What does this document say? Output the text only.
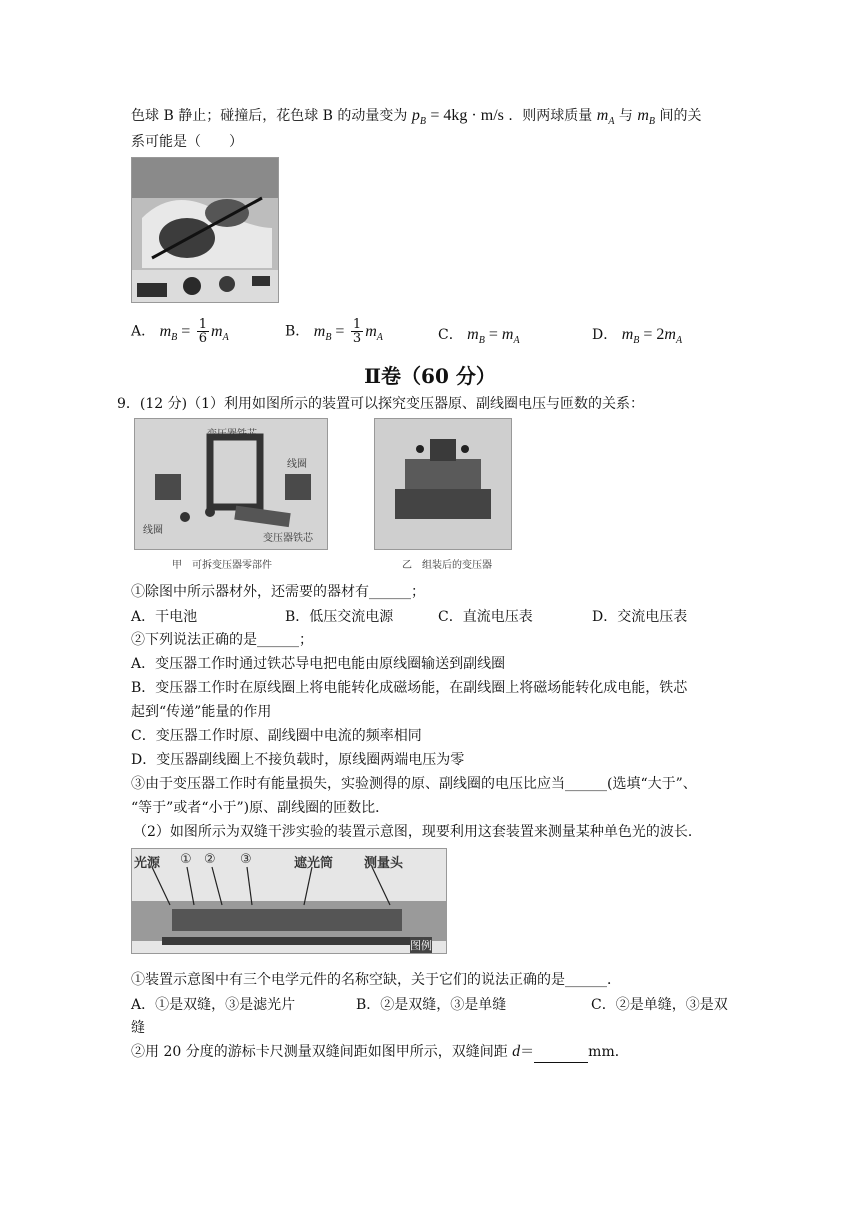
色球 B 静止；碰撞后，花色球 B 的动量变为 $p_B = 4kg \cdot m/s$ ．则两球质量 $m_A$ 与 $m_B$ 间的关
系可能是（　　）
A． $m_B = \frac{1}{6} m_A$	B． $m_B = \frac{1}{3} m_A$	C． $m_B = m_A$	D． $m_B = 2m_A$
Ⅱ卷（60 分）
9．(12 分)（1）利用如图所示的装置可以探究变压器原、副线圈电压与匝数的关系：
变压器铁芯
线圈
线圈
变压器铁芯
甲　可拆变压器零部件	乙　组装后的变压器
①除图中所示器材外，还需要的器材有______；
A．干电池	B．低压交流电源	C．直流电压表	D．交流电压表
②下列说法正确的是______；
A．变压器工作时通过铁芯导电把电能由原线圈输送到副线圈
B．变压器工作时在原线圈上将电能转化成磁场能，在副线圈上将磁场能转化成电能，铁芯
起到“传递”能量的作用
C．变压器工作时原、副线圈中电流的频率相同
D．变压器副线圈上不接负载时，原线圈两端电压为零
③由于变压器工作时有能量损失，实验测得的原、副线圈的电压比应当______(选填“大于”、
“等于”或者“小于”)原、副线圈的匝数比．
（2）如图所示为双缝干涉实验的装置示意图，现要利用这套装置来测量某种单色光的波长．
光源 ① ② ③	遮光筒 测量头
图例
①装置示意图中有三个电学元件的名称空缺，关于它们的说法正确的是______．
A．①是双缝，③是滤光片	B．②是双缝，③是单缝	C．②是单缝，③是双
缝
②用 20 分度的游标卡尺测量双缝间距如图甲所示，双缝间距 d＝	mm．
